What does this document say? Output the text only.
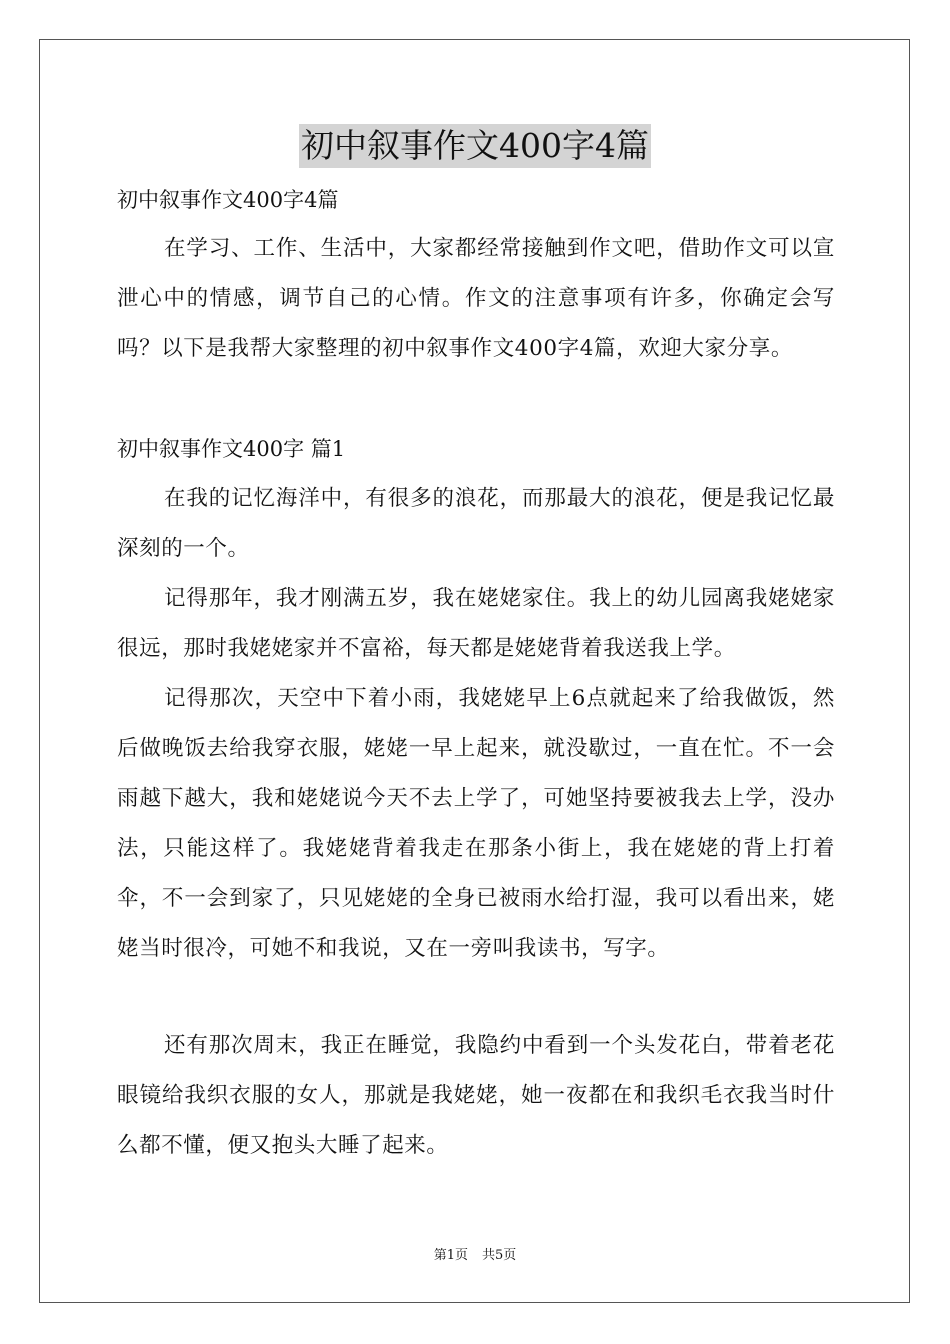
初中叙事作文400字4篇
初中叙事作文400字4篇

在学习、工作、生活中，大家都经常接触到作文吧，借助作文可以宣泄心中的情感，调节自己的心情。作文的注意事项有许多，你确定会写吗？以下是我帮大家整理的初中叙事作文400字4篇，欢迎大家分享。

初中叙事作文400字 篇1

在我的记忆海洋中，有很多的浪花，而那最大的浪花，便是我记忆最深刻的一个。

记得那年，我才刚满五岁，我在姥姥家住。我上的幼儿园离我姥姥家很远，那时我姥姥家并不富裕，每天都是姥姥背着我送我上学。

记得那次，天空中下着小雨，我姥姥早上6点就起来了给我做饭，然后做晚饭去给我穿衣服，姥姥一早上起来，就没歇过，一直在忙。不一会雨越下越大，我和姥姥说今天不去上学了，可她坚持要被我去上学，没办法，只能这样了。我姥姥背着我走在那条小街上，我在姥姥的背上打着伞，不一会到家了，只见姥姥的全身已被雨水给打湿，我可以看出来，姥姥当时很冷，可她不和我说，又在一旁叫我读书，写字。

还有那次周末，我正在睡觉，我隐约中看到一个头发花白，带着老花眼镜给我织衣服的女人，那就是我姥姥，她一夜都在和我织毛衣我当时什么都不懂，便又抱头大睡了起来。

第1页 共5页
